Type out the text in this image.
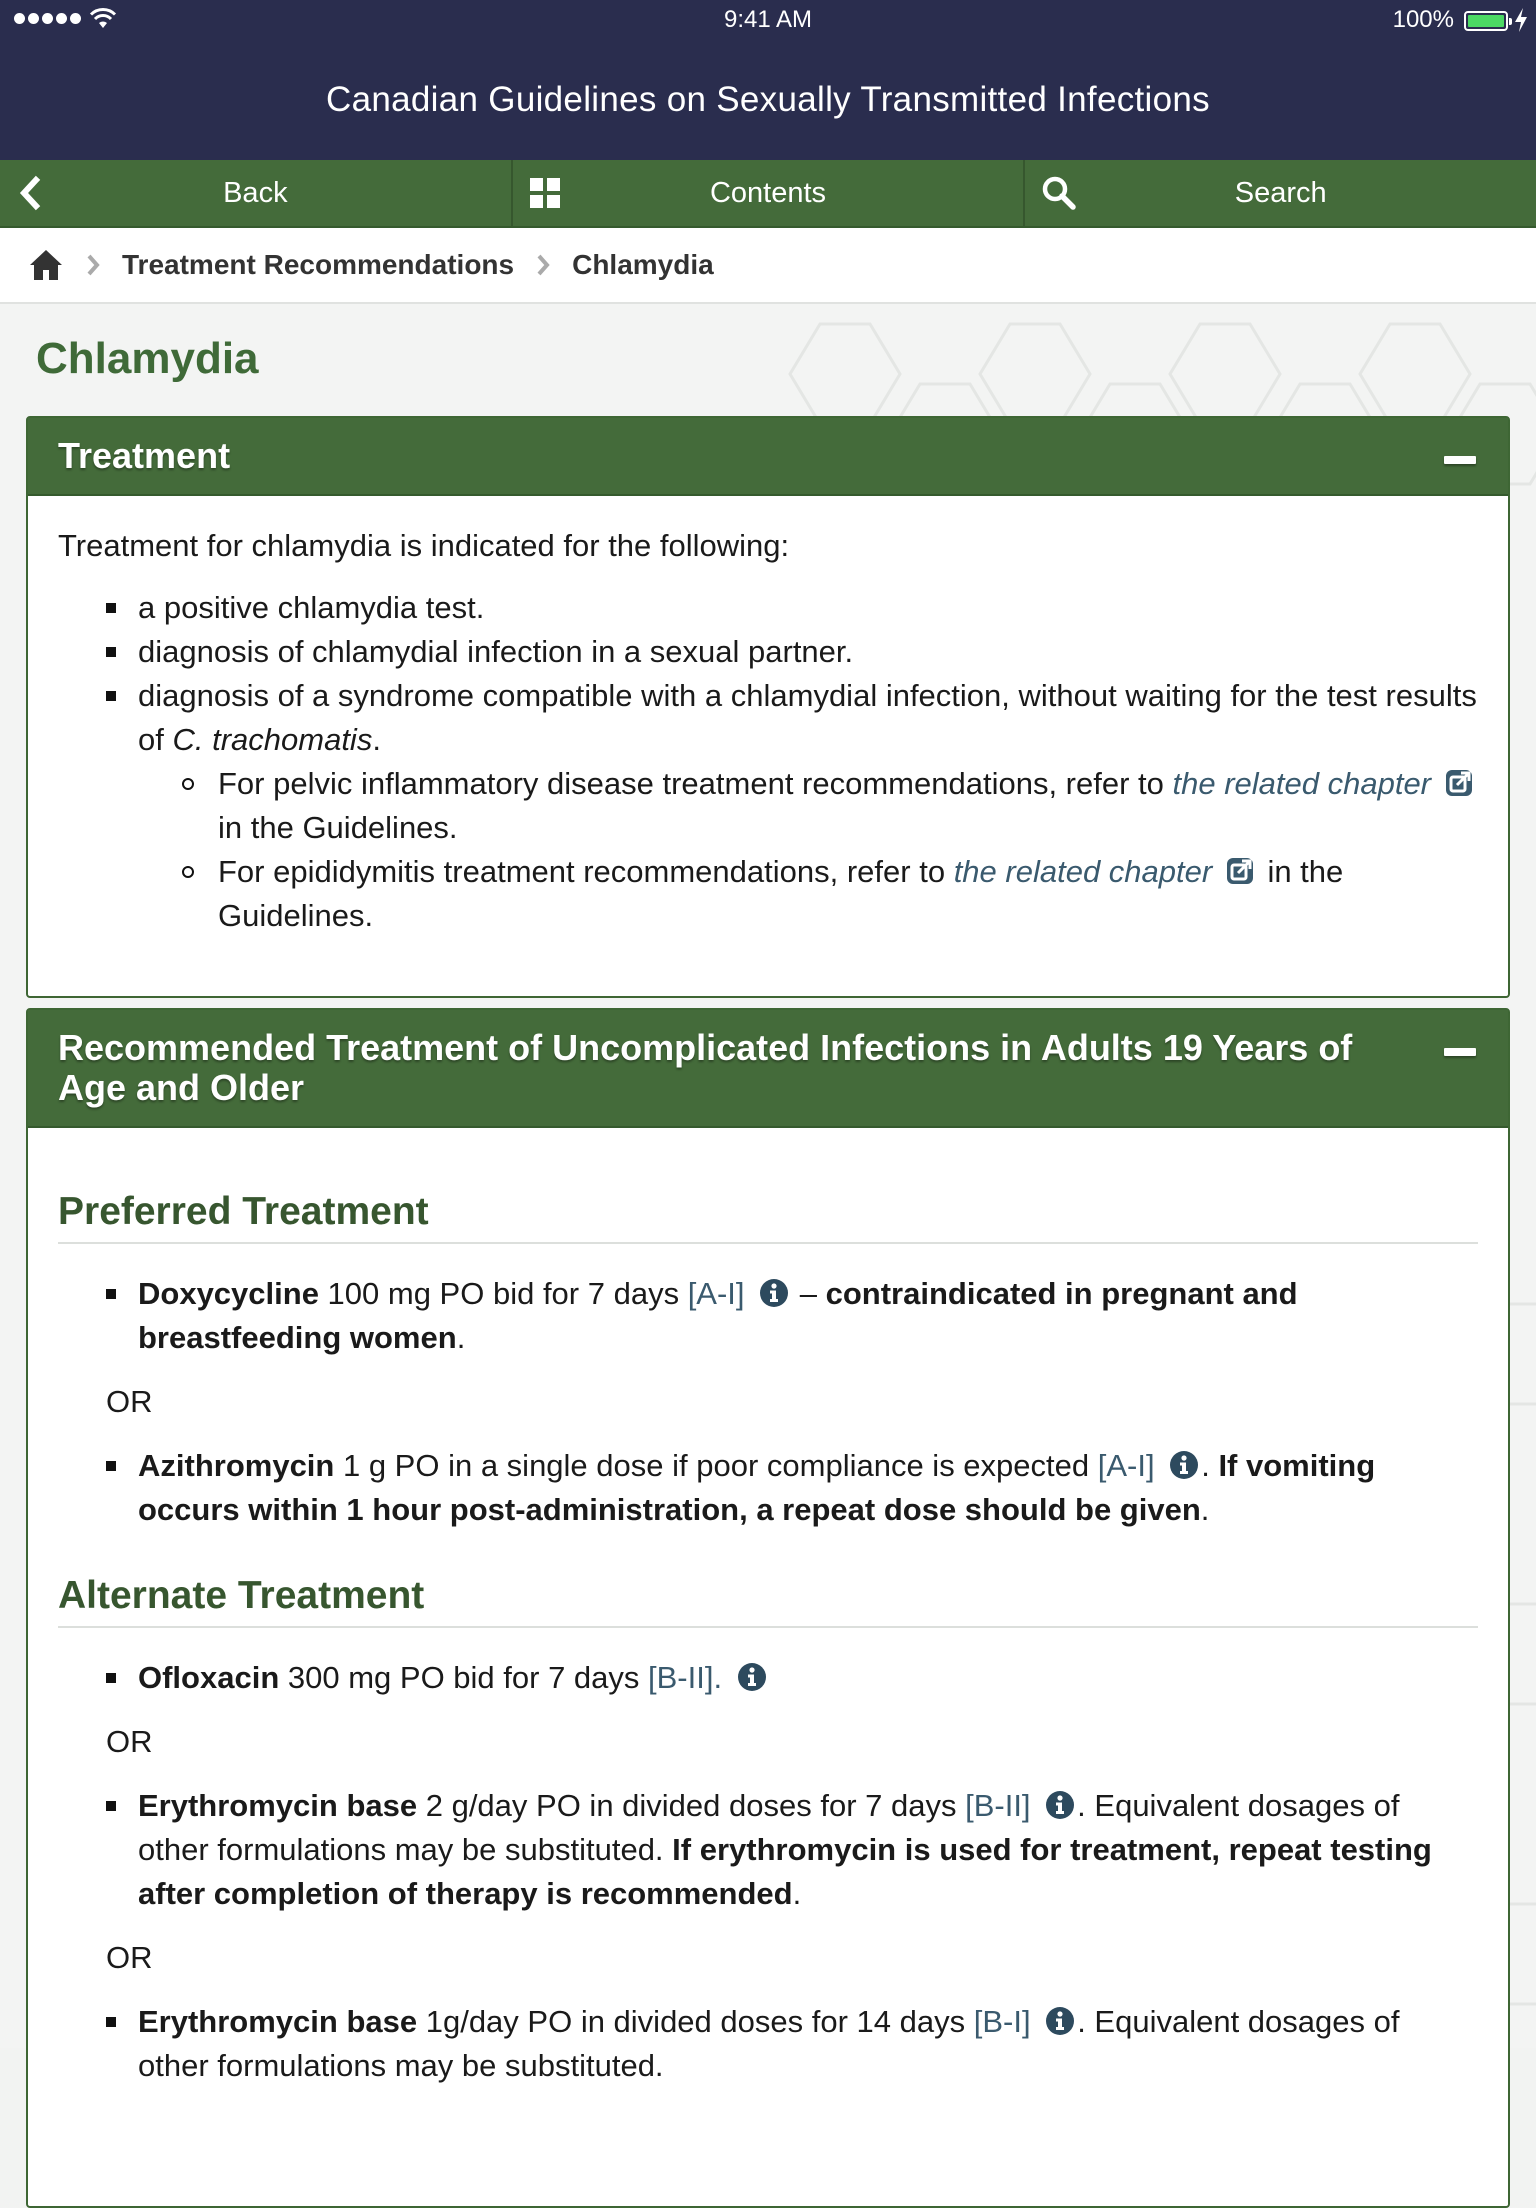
9:41 AM	100%
Canadian Guidelines on Sexually Transmitted Infections
Back	Contents	Search
Treatment Recommendations Chlamydia
Chlamydia
Treatment

Treatment for chlamydia is indicated for the following:

a positive chlamydia test.
diagnosis of chlamydial infection in a sexual partner.
diagnosis of a syndrome compatible with a chlamydial infection, without waiting for the test results of C. trachomatis.
For pelvic inflammatory disease treatment recommendations, refer to the related chapter  in the Guidelines.
For epididymitis treatment recommendations, refer to the related chapter  in the Guidelines.
Recommended Treatment of Uncomplicated Infections in Adults 19 Years of Age and Older
Preferred Treatment
Doxycycline 100 mg PO bid for 7 days [A-I]  – contraindicated in pregnant and breastfeeding women.
OR
Azithromycin 1 g PO in a single dose if poor compliance is expected [A-I] . If vomiting occurs within 1 hour post-administration, a repeat dose should be given.
Alternate Treatment
Ofloxacin 300 mg PO bid for 7 days [B-II].
OR
Erythromycin base 2 g/day PO in divided doses for 7 days [B-II] . Equivalent dosages of other formulations may be substituted. If erythromycin is used for treatment, repeat testing after completion of therapy is recommended.
OR
Erythromycin base 1g/day PO in divided doses for 14 days [B-I] . Equivalent dosages of other formulations may be substituted.
